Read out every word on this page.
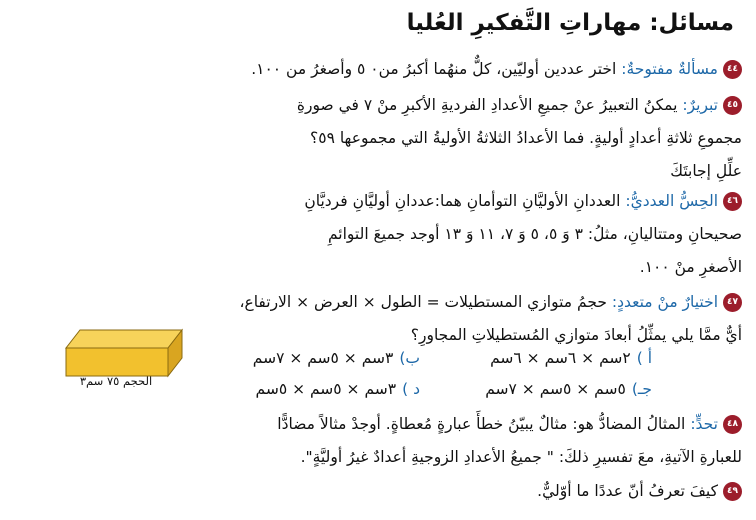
مسائل: مهاراتِ التَّفكيرِ العُليا
٤٤مسألةٌ مفتوحةٌ: اختر عددين أوليّين، كلٌّ منهُما أكبرُ من٠ ٥ وأصغرُ من ١٠٠.
٤٥تبريرٌ: يمكنُ التعبيرُ عنْ جميعِ الأعدادِ الفرديةِ الأكبرِ منْ ٧ في صورةِ
مجموعِ ثلاثةِ أعدادٍ أوليةٍ. فما الأعدادُ الثلاثةُ الأوليةُ التي مجموعها ٥٩؟
علِّلِ إجابتَكَ
٤٦الحِسُّ العدديُّ: العددانِ الأوليَّانِ التوأمانِ هما:عددانِ أوليَّانِ فرديَّانِ
صحيحانِ ومتتاليانِ، مثلُ: ٣ وَ ٥، ٥ وَ ٧، ١١ وَ ١٣ أوجد جميعَ التوائمِ
الأصغرِ منْ ١٠٠.
٤٧اختيارٌ منْ متعددٍ: حجمُ متوازي المستطيلات = الطول × العرض × الارتفاع،
أيٌّ ممَّا يلي يمثِّلُ أبعادَ متوازي المُستطيلاتِ المجاورِ؟
أ )٢سم × ٦سم × ٦سم
ب)٣سم × ٥سم × ٧سم
جـ)٥سم × ٥سم × ٧سم
د )٣سم × ٥سم × ٥سم
الحجم ٧٥ سم٣
٤٨تحدٍّ: المثالُ المضادُّ هو: مثالٌ يبيّنُ خطأَ عبارةٍ مُعطاةٍ. أوجدْ مثالاً مضادًّا
للعبارةِ الآتيةِ، معَ تفسيرِ ذلكَ: " جميعُ الأعدادِ الزوجيةِ أعدادٌ غيرُ أوليَّةٍ".
٤٩كيفَ تعرفُ أنّ عددًا ما أوّليٌّ.
